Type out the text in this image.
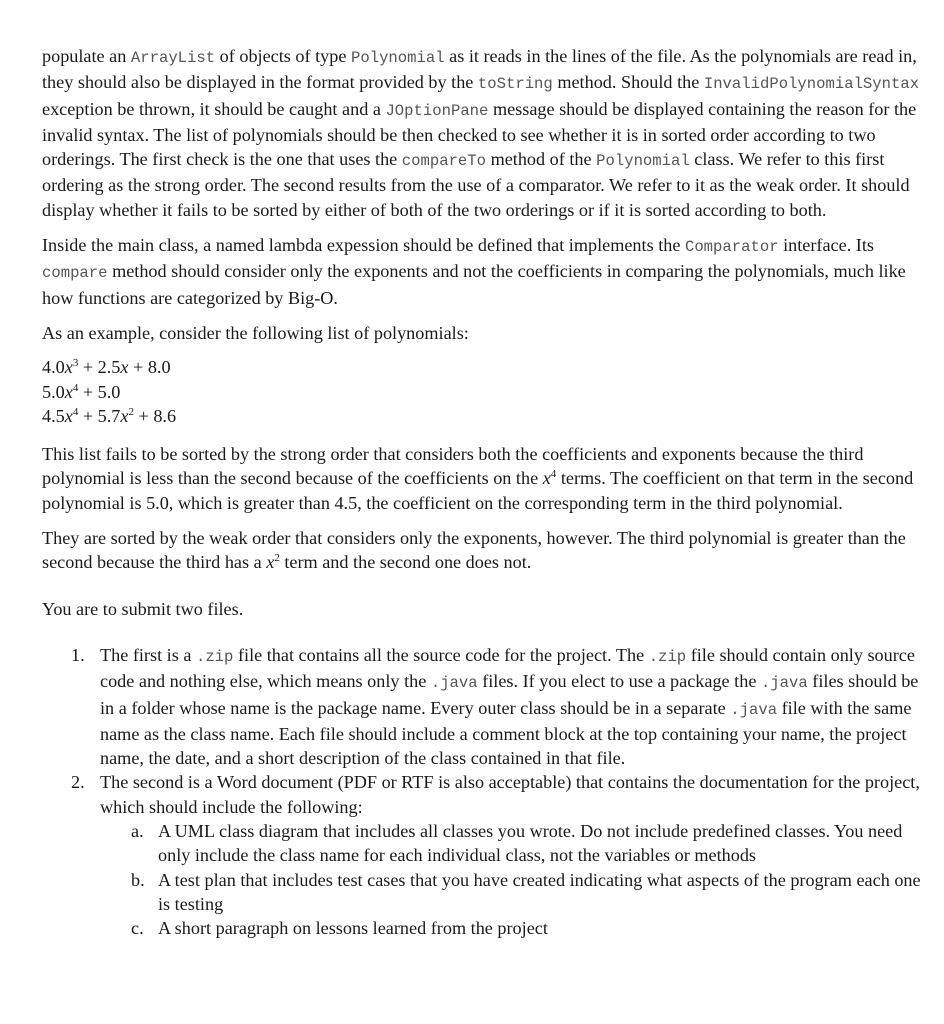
populate an ArrayList of objects of type Polynomial as it reads in the lines of the file. As the polynomials are read in, they should also be displayed in the format provided by the toString method. Should the InvalidPolynomialSyntax exception be thrown, it should be caught and a JOptionPane message should be displayed containing the reason for the invalid syntax. The list of polynomials should be then checked to see whether it is in sorted order according to two orderings. The first check is the one that uses the compareTo method of the Polynomial class. We refer to this first ordering as the strong order. The second results from the use of a comparator. We refer to it as the weak order. It should display whether it fails to be sorted by either of both of the two orderings or if it is sorted according to both.

Inside the main class, a named lambda expession should be defined that implements the Comparator interface. Its compare method should consider only the exponents and not the coefficients in comparing the polynomials, much like how functions are categorized by Big-O.

As an example, consider the following list of polynomials:

$4.0x^3 + 2.5x + 8.0$
$5.0x^4 + 5.0$
$4.5x^4 + 5.7x^2 + 8.6$

This list fails to be sorted by the strong order that considers both the coefficients and exponents because the third polynomial is less than the second because of the coefficients on the $x^4$ terms. The coefficient on that term in the second polynomial is 5.0, which is greater than 4.5, the coefficient on the corresponding term in the third polynomial.

They are sorted by the weak order that considers only the exponents, however. The third polynomial is greater than the second because the third has a $x^2$ term and the second one does not.

You are to submit two files.

1. The first is a .zip file that contains all the source code for the project. The .zip file should contain only source code and nothing else, which means only the .java files. If you elect to use a package the .java files should be in a folder whose name is the package name. Every outer class should be in a separate .java file with the same name as the class name. Each file should include a comment block at the top containing your name, the project name, the date, and a short description of the class contained in that file.
2. The second is a Word document (PDF or RTF is also acceptable) that contains the documentation for the project, which should include the following:
a. A UML class diagram that includes all classes you wrote. Do not include predefined classes. You need only include the class name for each individual class, not the variables or methods
b. A test plan that includes test cases that you have created indicating what aspects of the program each one is testing
c. A short paragraph on lessons learned from the project
